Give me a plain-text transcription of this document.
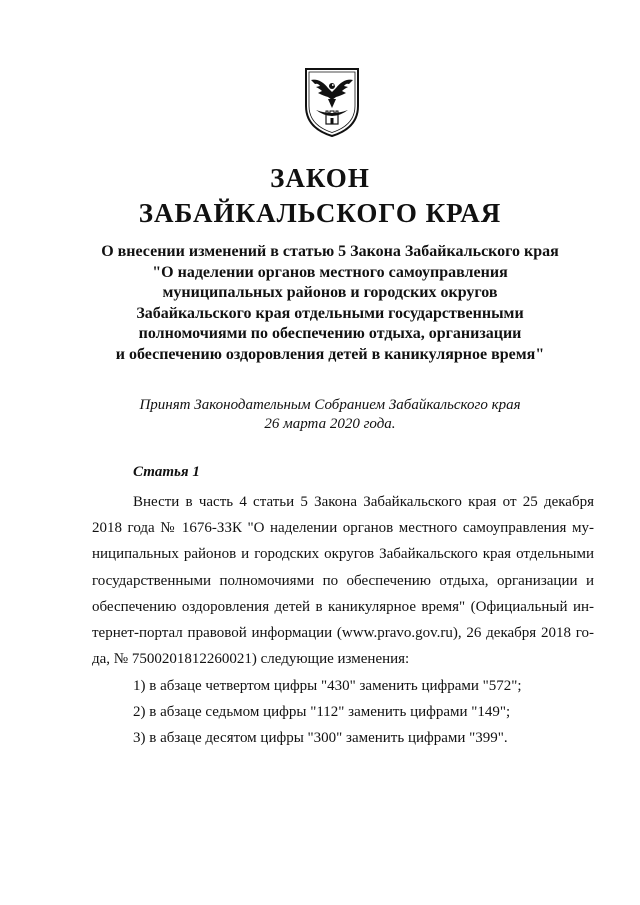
ЗАКОН
ЗАБАЙКАЛЬСКОГО КРАЯ
О внесении изменений в статью 5 Закона Забайкальского края
"О наделении органов местного самоуправления
муниципальных районов и городских округов
Забайкальского края отдельными государственными
полномочиями по обеспечению отдыха, организации
и обеспечению оздоровления детей в каникулярное время"
Принят Законодательным Собранием Забайкальского края
26 марта 2020 года.
Статья 1
Внести в часть 4 статьи 5 Закона Забайкальского края от 25 декабря
2018 года № 1676-ЗЗК "О наделении органов местного самоуправления му-
ниципальных районов и городских округов Забайкальского края отдельными
государственными полномочиями по обеспечению отдыха, организации и
обеспечению оздоровления детей в каникулярное время" (Официальный ин-
тернет-портал правовой информации (www.pravo.gov.ru), 26 декабря 2018 го-
да, № 7500201812260021) следующие изменения:
1) в абзаце четвертом цифры "430" заменить цифрами "572";
2) в абзаце седьмом цифры "112" заменить цифрами "149";
3) в абзаце десятом цифры "300" заменить цифрами "399".
